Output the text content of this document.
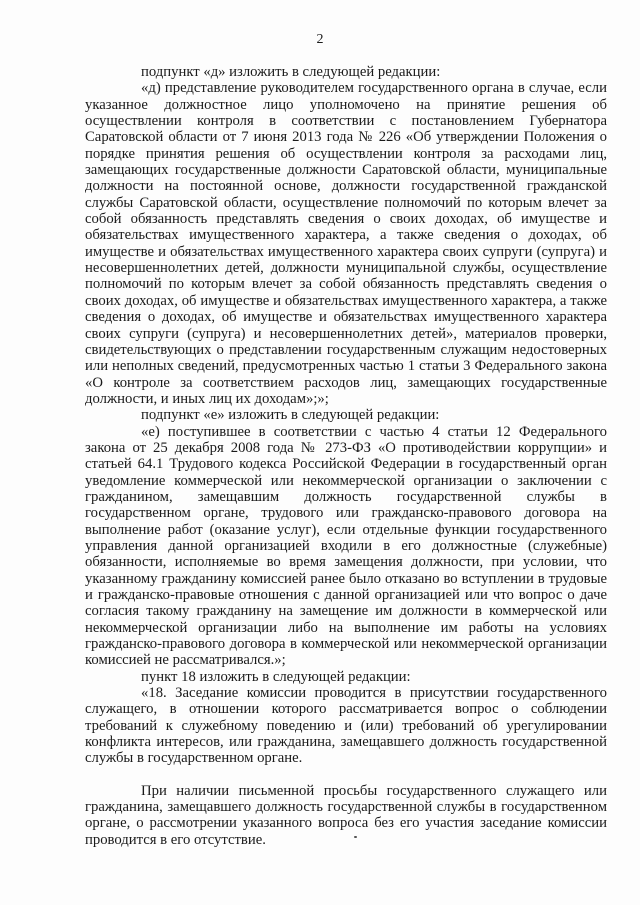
2

подпункт «д» изложить в следующей редакции:

«д) представление руководителем государственного органа в случае, если указанное должностное лицо уполномочено на принятие решения об осуществлении контроля в соответствии с постановлением Губернатора Саратовской области от 7 июня 2013 года № 226 «Об утверждении Положения о порядке принятия решения об осуществлении контроля за расходами лиц, замещающих государственные должности Саратовской области, муниципальные должности на постоянной основе, должности государственной гражданской службы Саратовской области, осуществление полномочий по которым влечет за собой обязанность представлять сведения о своих доходах, об имуществе и обязательствах имущественного характера, а также сведения о доходах, об имуществе и обязательствах имущественного характера своих супруги (супруга) и несовершеннолетних детей, должности муниципальной службы, осуществление полномочий по которым влечет за собой обязанность представлять сведения о своих доходах, об имуществе и обязательствах имущественного характера, а также сведения о доходах, об имуществе и обязательствах имущественного характера своих супруги (супруга) и несовершеннолетних детей», материалов проверки, свидетельствующих о представлении государственным служащим недостоверных или неполных сведений, предусмотренных частью 1 статьи 3 Федерального закона «О контроле за соответствием расходов лиц, замещающих государственные должности, и иных лиц их доходам»;»;

подпункт «е» изложить в следующей редакции:

«е) поступившее в соответствии с частью 4 статьи 12 Федерального закона от 25 декабря 2008 года № 273-ФЗ «О противодействии коррупции» и статьей 64.1 Трудового кодекса Российской Федерации в государственный орган уведомление коммерческой или некоммерческой организации о заключении с гражданином, замещавшим должность государственной службы в государственном органе, трудового или гражданско-правового договора на выполнение работ (оказание услуг), если отдельные функции государственного управления данной организацией входили в его должностные (служебные) обязанности, исполняемые во время замещения должности, при условии, что указанному гражданину комиссией ранее было отказано во вступлении в трудовые и гражданско-правовые отношения с данной организацией или что вопрос о даче согласия такому гражданину на замещение им должности в коммерческой или некоммерческой организации либо на выполнение им работы на условиях гражданско-правового договора в коммерческой или некоммерческой организации комиссией не рассматривался.»;

пункт 18 изложить в следующей редакции:

«18. Заседание комиссии проводится в присутствии государственного служащего, в отношении которого рассматривается вопрос о соблюдении требований к служебному поведению и (или) требований об урегулировании конфликта интересов, или гражданина, замещавшего должность государственной службы в государственном органе.

При наличии письменной просьбы государственного служащего или гражданина, замещавшего должность государственной службы в государственном органе, о рассмотрении указанного вопроса без его участия заседание комиссии проводится в его отсутствие.
